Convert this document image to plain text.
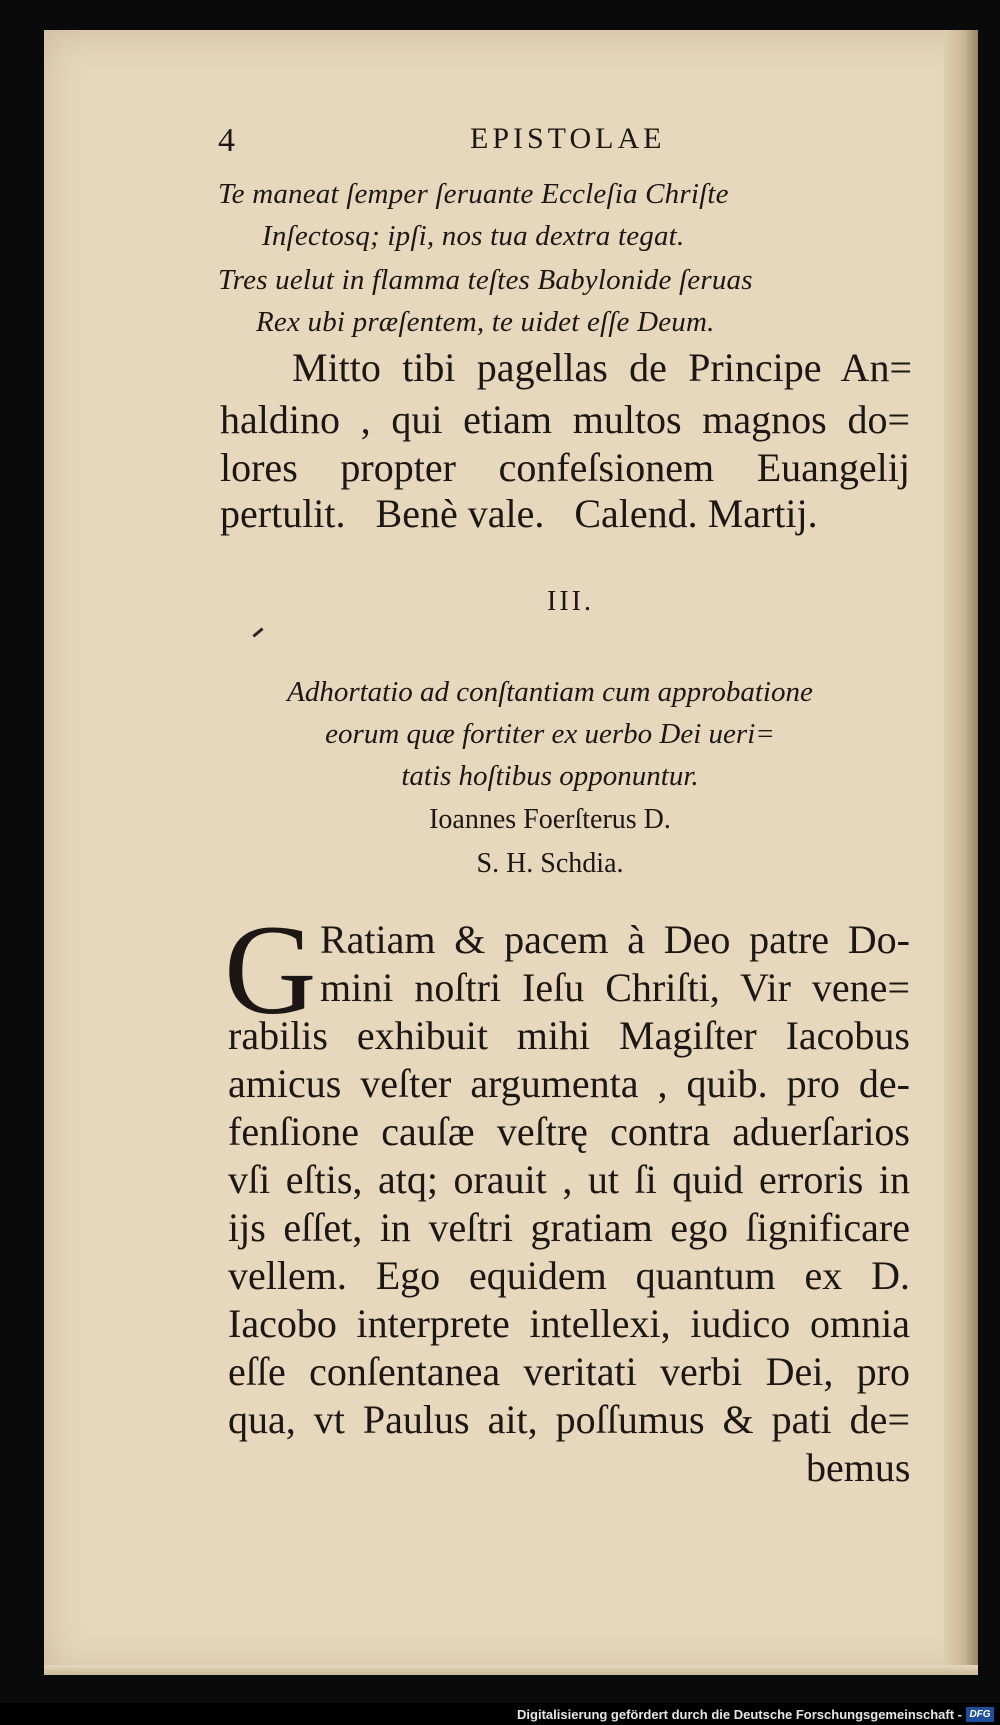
4	EPISTOLAE
Te maneat ſemper ſeruante Eccleſia Chriſte
Inſectosq; ipſi, nos tua dextra tegat.
Tres uelut in flamma teſtes Babylonide ſeruas
Rex ubi præſentem, te uidet eſſe Deum.
Mitto tibi pagellas de Principe An=
haldino , qui etiam multos magnos do=
lores propter confeſsionem Euangelij
pertulit.   Benè vale.   Calend. Martij.
III.
Adhortatio ad conſtantiam cum approbatione
eorum quæ fortiter ex uerbo Dei ueri=
tatis hoſtibus opponuntur.
Ioannes Foerſterus D.
S. H. Schdia.
G Ratiam & pacem à Deo patre Do-
mini noſtri Ieſu Chriſti, Vir vene=
rabilis exhibuit mihi Magiſter Iacobus
amicus veſter argumenta , quib. pro de-
fenſione cauſæ veſtrę contra aduerſarios
vſi eſtis, atq; orauit , ut ſi quid erroris in
ijs eſſet, in veſtri gratiam ego ſignificare
vellem. Ego equidem quantum ex D.
Iacobo interprete intellexi, iudico omnia
eſſe conſentanea veritati verbi Dei, pro
qua, vt Paulus ait, poſſumus & pati de=
bemus
Digitalisierung gefördert durch die Deutsche Forschungsgemeinschaft - DFG
